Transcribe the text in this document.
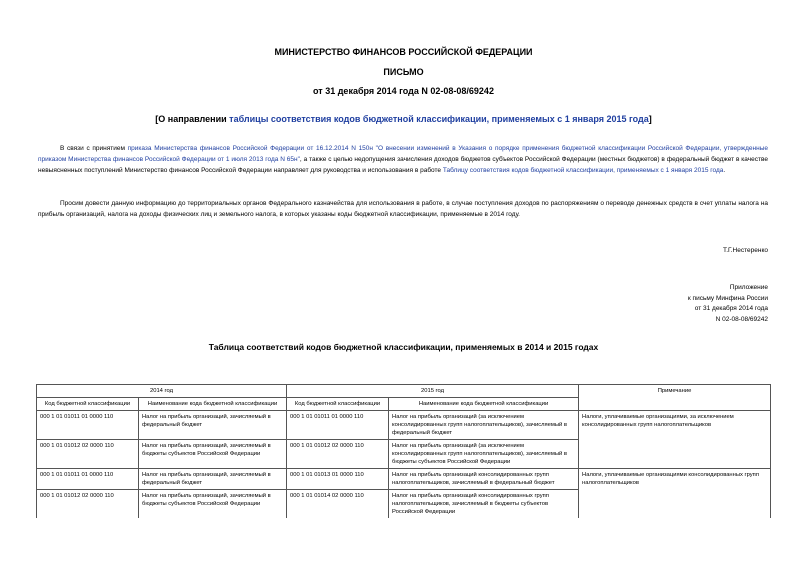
МИНИСТЕРСТВО ФИНАНСОВ РОССИЙСКОЙ ФЕДЕРАЦИИ
ПИСЬМО
от 31 декабря 2014 года N 02-08-08/69242
[О направлении таблицы соответствия кодов бюджетной классификации, применяемых с 1 января 2015 года]
В связи с принятием приказа Министерства финансов Российской Федерации от 16.12.2014 N 150н "О внесении изменений в Указания о порядке применения бюджетной классификации Российской Федерации, утвержденные приказом Министерства финансов Российской Федерации от 1 июля 2013 года N 65н", а также с целью недопущения зачисления доходов бюджетов субъектов Российской Федерации (местных бюджетов) в федеральный бюджет в качестве невыясненных поступлений Министерство финансов Российской Федерации направляет для руководства и использования в работе Таблицу соответствия кодов бюджетной классификации, применяемых с 1 января 2015 года.
Просим довести данную информацию до территориальных органов Федерального казначейства для использования в работе, в случае поступления доходов по распоряжениям о переводе денежных средств в счет уплаты налога на прибыль организаций, налога на доходы физических лиц и земельного налога, в которых указаны коды бюджетной классификации, применяемые в 2014 году.
Т.Г.Нестеренко
Приложение
к письму Минфина России
от 31 декабря 2014 года
N 02-08-08/69242
Таблица соответствий кодов бюджетной классификации, применяемых в 2014 и 2015 годах
2014 год		2015 год		Примечание
Код бюджетной классификации	Наименование кода бюджетной классификации	Код бюджетной классификации	Наименование кода бюджетной классификации	
000 1 01 01011 01 0000 110	Налог на прибыль организаций, зачисляемый в федеральный бюджет	000 1 01 01011 01 0000 110	Налог на прибыль организаций (за исключением консолидированных групп налогоплательщиков), зачисляемый в федеральный бюджет	Налоги, уплачиваемые организациями, за исключением консолидированных групп налогоплательщиков
000 1 01 01012 02 0000 110	Налог на прибыль организаций, зачисляемый в бюджеты субъектов Российской Федерации	000 1 01 01012 02 0000 110	Налог на прибыль организаций (за исключением консолидированных групп налогоплательщиков), зачисляемый в бюджеты субъектов Российской Федерации	
000 1 01 01011 01 0000 110	Налог на прибыль организаций, зачисляемый в федеральный бюджет	000 1 01 01013 01 0000 110	Налог на прибыль организаций консолидированных групп налогоплательщиков, зачисляемый в федеральный бюджет	Налоги, уплачиваемые организациями консолидированных групп налогоплательщиков
000 1 01 01012 02 0000 110	Налог на прибыль организаций, зачисляемый в бюджеты субъектов Российской Федерации	000 1 01 01014 02 0000 110	Налог на прибыль организаций консолидированных групп налогоплательщиков, зачисляемый в бюджеты субъектов Российской Федерации	
